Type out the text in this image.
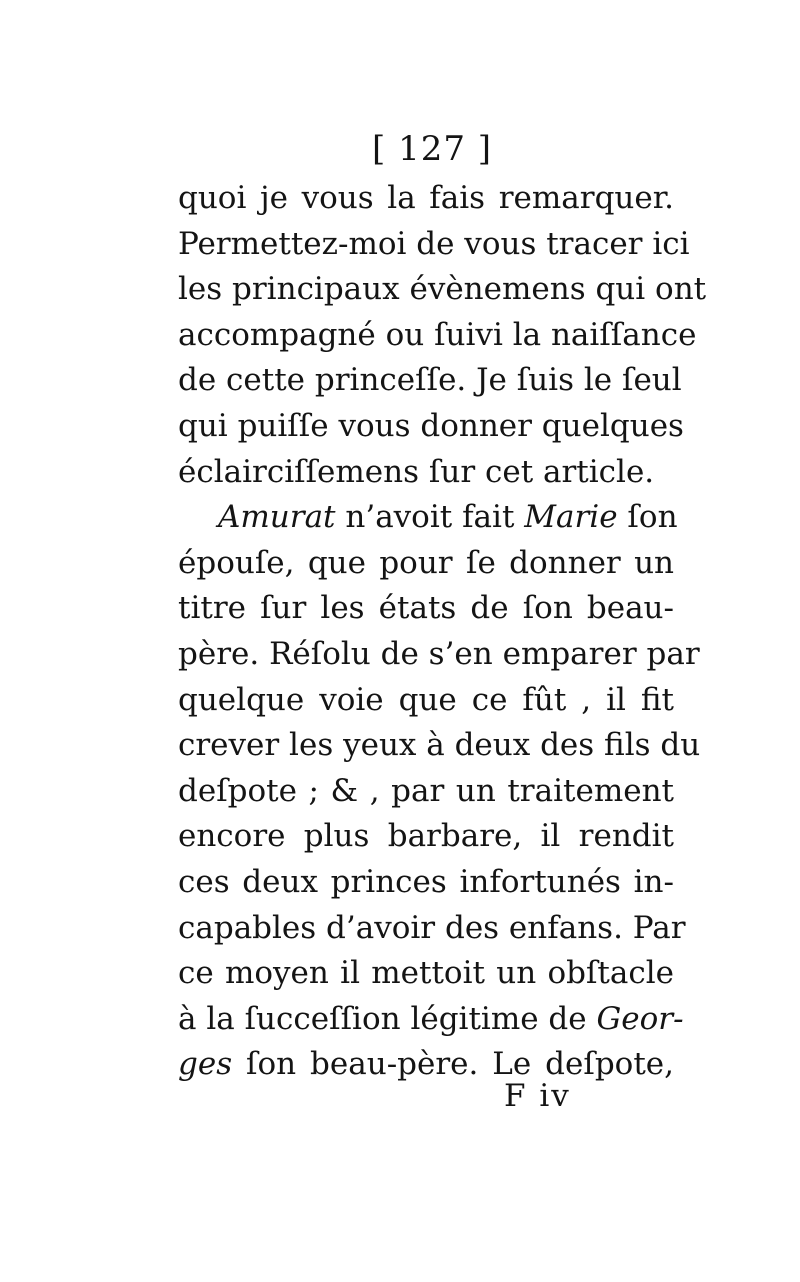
[ 127 ]
quoi je vous la fais remarquer.
Permettez-moi de vous tracer ici
les principaux évènemens qui ont
accompagné ou ſuivi la naiſſance
de cette princeſſe. Je ſuis le ſeul
qui puiſſe vous donner quelques
éclairciſſemens ſur cet article.
Amurat n’avoit fait Marie ſon
épouſe, que pour ſe donner un
titre ſur les états de ſon beau-
père. Réſolu de s’en emparer par
quelque voie que ce fût , il fit
crever les yeux à deux des fils du
deſpote ; & , par un traitement
encore plus barbare, il rendit
ces deux princes infortunés in-
capables d’avoir des enfans. Par
ce moyen il mettoit un obſtacle
à la ſucceſſion légitime de Geor-
ges ſon beau-père. Le deſpote,
F iv
